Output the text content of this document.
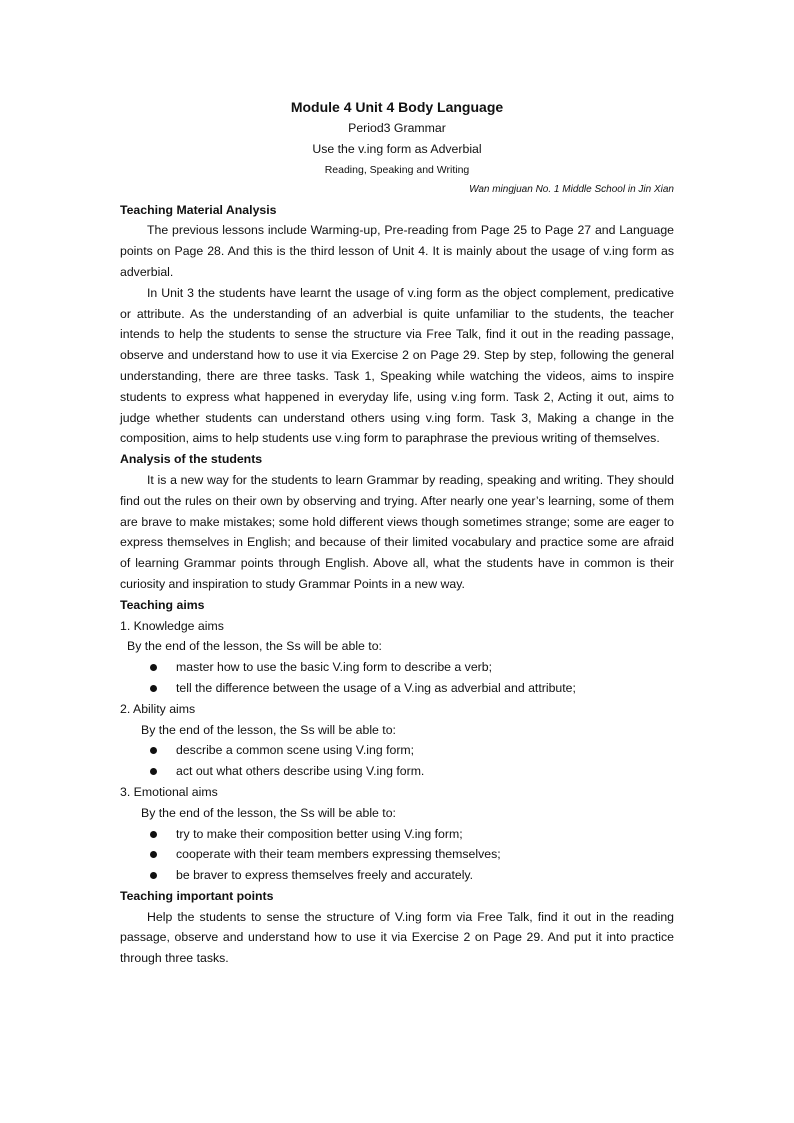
Module 4 Unit 4 Body Language
Period3 Grammar
Use the v.ing form as Adverbial
Reading, Speaking and Writing
Wan mingjuan No. 1 Middle School in Jin Xian
Teaching Material Analysis

The previous lessons include Warming-up, Pre-reading from Page 25 to Page 27 and Language points on Page 28. And this is the third lesson of Unit 4. It is mainly about the usage of v.ing form as adverbial.

In Unit 3 the students have learnt the usage of v.ing form as the object complement, predicative or attribute. As the understanding of an adverbial is quite unfamiliar to the students, the teacher intends to help the students to sense the structure via Free Talk, find it out in the reading passage, observe and understand how to use it via Exercise 2 on Page 29. Step by step, following the general understanding, there are three tasks. Task 1, Speaking while watching the videos, aims to inspire students to express what happened in everyday life, using v.ing form. Task 2, Acting it out, aims to judge whether students can understand others using v.ing form. Task 3, Making a change in the composition, aims to help students use v.ing form to paraphrase the previous writing of themselves.

Analysis of the students

It is a new way for the students to learn Grammar by reading, speaking and writing. They should find out the rules on their own by observing and trying. After nearly one year’s learning, some of them are brave to make mistakes; some hold different views though sometimes strange; some are eager to express themselves in English; and because of their limited vocabulary and practice some are afraid of learning Grammar points through English. Above all, what the students have in common is their curiosity and inspiration to study Grammar Points in a new way.

Teaching aims
1. Knowledge aims
By the end of the lesson, the Ss will be able to:
master how to use the basic V.ing form to describe a verb;
tell the difference between the usage of a V.ing as adverbial and attribute;
2. Ability aims
By the end of the lesson, the Ss will be able to:
describe a common scene using V.ing form;
act out what others describe using V.ing form.
3. Emotional aims
By the end of the lesson, the Ss will be able to:
try to make their composition better using V.ing form;
cooperate with their team members expressing themselves;
be braver to express themselves freely and accurately.
Teaching important points

Help the students to sense the structure of V.ing form via Free Talk, find it out in the reading passage, observe and understand how to use it via Exercise 2 on Page 29. And put it into practice through three tasks.
